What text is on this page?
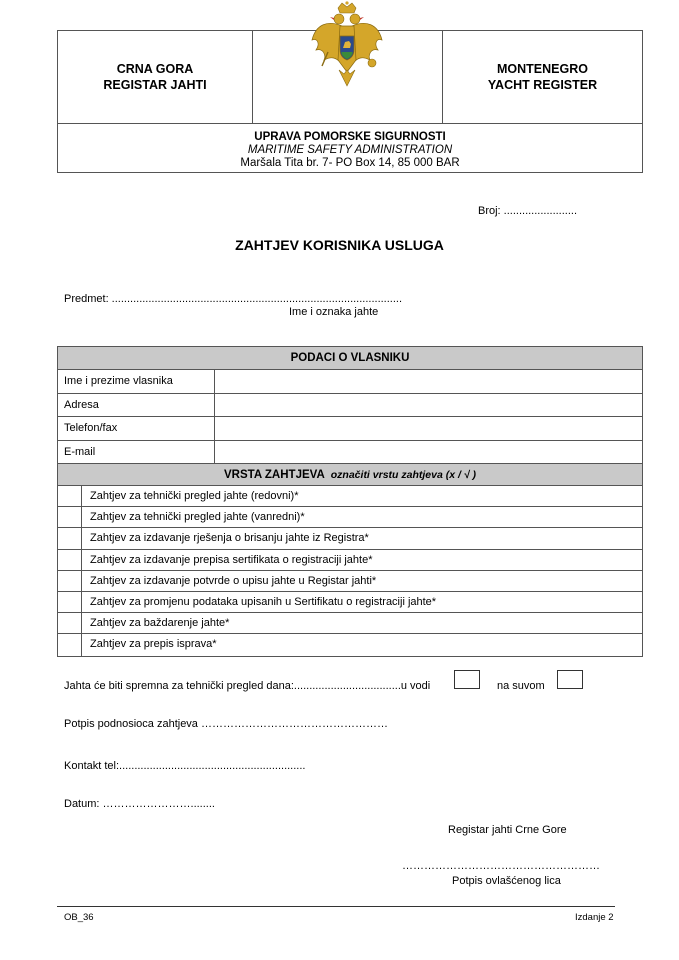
CRNA GORA
REGISTAR JAHTI
MONTENEGRO
YACHT REGISTER
UPRAVA POMORSKE SIGURNOSTI
MARITIME SAFETY ADMINISTRATION
Maršala Tita br. 7- PO Box 14, 85 000 BAR
Broj: ........................
ZAHTJEV KORISNIKA USLUGA
Predmet: ...............................................................................................
Ime i oznaka jahte
PODACI O VLASNIKU
Ime i prezime vlasnika
Adresa
Telefon/fax
E-mail
VRSTA ZAHTJEVA označiti vrstu zahtjeva (x / √ )
Zahtjev za tehnički pregled jahte (redovni)*
Zahtjev za tehnički pregled jahte (vanredni)*
Zahtjev za izdavanje rješenja o brisanju jahte iz Registra*
Zahtjev za izdavanje prepisa sertifikata o registraciji jahte*
Zahtjev za izdavanje potvrde o upisu jahte u Registar jahti*
Zahtjev za promjenu podataka upisanih u Sertifikatu o registraciji jahte*
Zahtjev za baždarenje jahte*
Zahtjev za prepis isprava*
Jahta će biti spremna za tehnički pregled dana:...................................u vodi	na suvom
Potpis podnosioca zahtjeva ……………………………………………
Kontakt tel:.............................................................
Datum: ……………………........
Registar jahti Crne Gore
………………………………………………
Potpis ovlašćenog lica
OB_36	Izdanje 2
